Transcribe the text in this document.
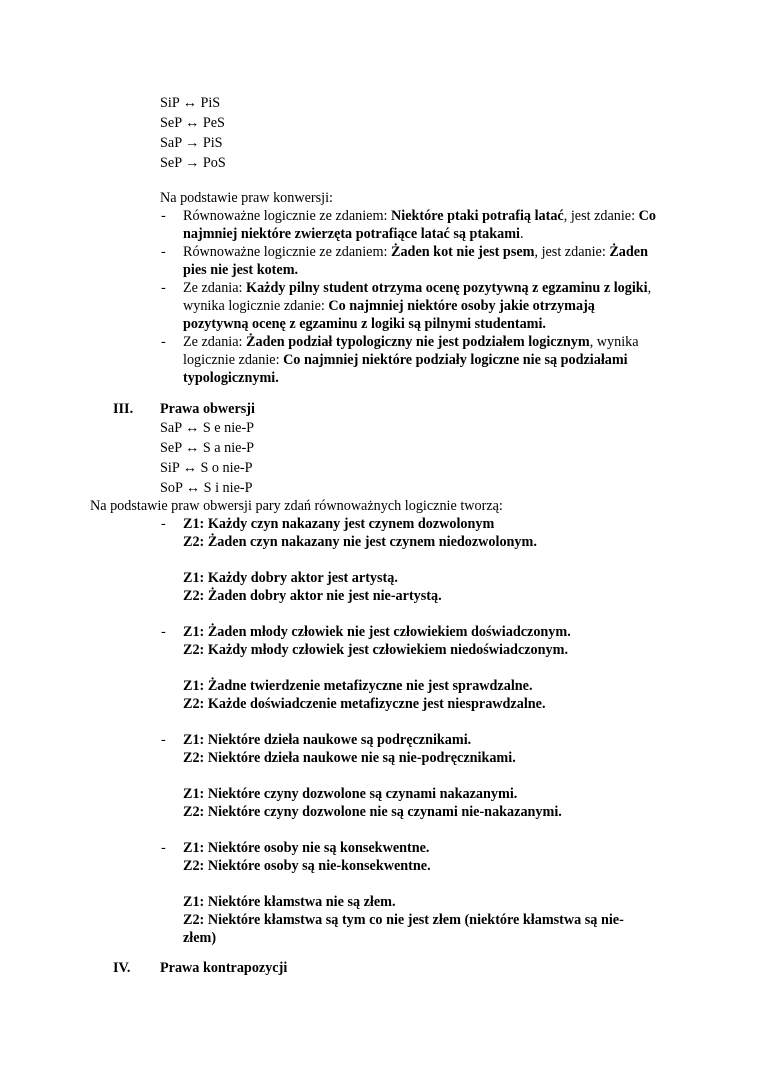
SiP ↔ PiS
SeP ↔ PeS
SaP → PiS
SeP → PoS
Na podstawie praw konwersji:
- Równoważne logicznie ze zdaniem: Niektóre ptaki potrafią latać, jest zdanie: Co najmniej niektóre zwierzęta potrafiące latać są ptakami.
- Równoważne logicznie ze zdaniem: Żaden kot nie jest psem, jest zdanie: Żaden pies nie jest kotem.
- Ze zdania: Każdy pilny student otrzyma ocenę pozytywną z egzaminu z logiki, wynika logicznie zdanie: Co najmniej niektóre osoby jakie otrzymają pozytywną ocenę z egzaminu z logiki są pilnymi studentami.
- Ze zdania: Żaden podział typologiczny nie jest podziałem logicznym, wynika logicznie zdanie: Co najmniej niektóre podziały logiczne nie są podziałami typologicznymi.
III. Prawa obwersji
SaP ↔ S e nie-P
SeP ↔ S a nie-P
SiP ↔ S o nie-P
SoP ↔ S i nie-P
Na podstawie praw obwersji pary zdań równoważnych logicznie tworzą:
- Z1: Każdy czyn nakazany jest czynem dozwolonym
Z2: Żaden czyn nakazany nie jest czynem niedozwolonym.
Z1: Każdy dobry aktor jest artystą.
Z2: Żaden dobry aktor nie jest nie-artystą.
- Z1: Żaden młody człowiek nie jest człowiekiem doświadczonym.
Z2: Każdy młody człowiek jest człowiekiem niedoświadczonym.
Z1: Żadne twierdzenie metafizyczne nie jest sprawdzalne.
Z2: Każde doświadczenie metafizyczne jest niesprawdzalne.
- Z1: Niektóre dzieła naukowe są podręcznikami.
Z2: Niektóre dzieła naukowe nie są nie-podręcznikami.
Z1: Niektóre czyny dozwolone są czynami nakazanymi.
Z2: Niektóre czyny dozwolone nie są czynami nie-nakazanymi.
- Z1: Niektóre osoby nie są konsekwentne.
Z2: Niektóre osoby są nie-konsekwentne.
Z1: Niektóre kłamstwa nie są złem.
Z2: Niektóre kłamstwa są tym co nie jest złem (niektóre kłamstwa są nie-złem)
IV. Prawa kontrapozycji
